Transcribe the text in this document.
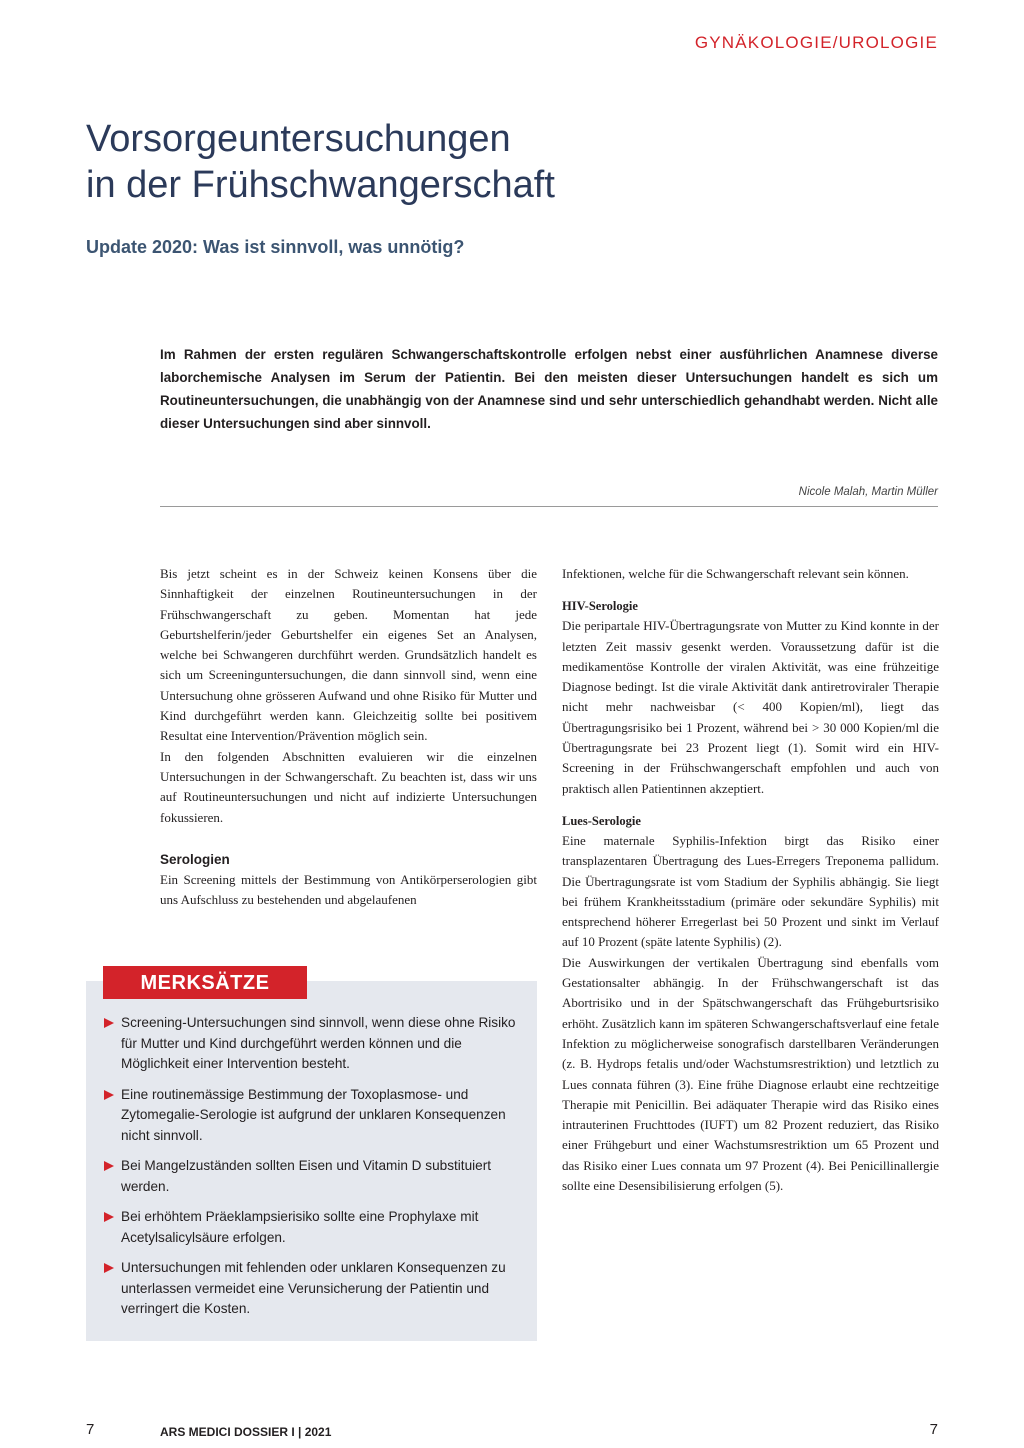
GYNÄKOLOGIE/UROLOGIE
Vorsorgeuntersuchungen
in der Frühschwangerschaft
Update 2020: Was ist sinnvoll, was unnötig?

Im Rahmen der ersten regulären Schwangerschaftskontrolle erfolgen nebst einer ausführlichen Anamnese diverse laborchemische Analysen im Serum der Patientin. Bei den meisten dieser Untersuchungen handelt es sich um Routineuntersuchungen, die unabhängig von der Anamnese sind und sehr unterschiedlich gehandhabt werden. Nicht alle dieser Untersuchungen sind aber sinnvoll.

Nicole Malah, Martin Müller

Bis jetzt scheint es in der Schweiz keinen Konsens über die Sinnhaftigkeit der einzelnen Routineuntersuchungen in der Frühschwangerschaft zu geben. Momentan hat jede Geburtshelferin/jeder Geburtshelfer ein eigenes Set an Analysen, welche bei Schwangeren durchführt werden. Grundsätzlich handelt es sich um Screeninguntersuchungen, die dann sinnvoll sind, wenn eine Untersuchung ohne grösseren Aufwand und ohne Risiko für Mutter und Kind durchgeführt werden kann. Gleichzeitig sollte bei positivem Resultat eine Intervention/Prävention möglich sein.

In den folgenden Abschnitten evaluieren wir die einzelnen Untersuchungen in der Schwangerschaft. Zu beachten ist, dass wir uns auf Routineuntersuchungen und nicht auf indizierte Untersuchungen fokussieren.

Serologien

Ein Screening mittels der Bestimmung von Antikörperserologien gibt uns Aufschluss zu bestehenden und abgelaufenen

Infektionen, welche für die Schwangerschaft relevant sein können.

HIV-Serologie

Die peripartale HIV-Übertragungsrate von Mutter zu Kind konnte in der letzten Zeit massiv gesenkt werden. Voraussetzung dafür ist die medikamentöse Kontrolle der viralen Aktivität, was eine frühzeitige Diagnose bedingt. Ist die virale Aktivität dank antiretroviraler Therapie nicht mehr nachweisbar (< 400 Kopien/ml), liegt das Übertragungsrisiko bei 1 Prozent, während bei > 30 000 Kopien/ml die Übertragungsrate bei 23 Prozent liegt (1). Somit wird ein HIV-Screening in der Frühschwangerschaft empfohlen und auch von praktisch allen Patientinnen akzeptiert.

Lues-Serologie

Eine maternale Syphilis-Infektion birgt das Risiko einer transplazentaren Übertragung des Lues-Erregers Treponema pallidum. Die Übertragungsrate ist vom Stadium der Syphilis abhängig. Sie liegt bei frühem Krankheitsstadium (primäre oder sekundäre Syphilis) mit entsprechend höherer Erregerlast bei 50 Prozent und sinkt im Verlauf auf 10 Prozent (späte latente Syphilis) (2).

Die Auswirkungen der vertikalen Übertragung sind ebenfalls vom Gestationsalter abhängig. In der Frühschwangerschaft ist das Abortrisiko und in der Spätschwangerschaft das Frühgeburtsrisiko erhöht. Zusätzlich kann im späteren Schwangerschaftsverlauf eine fetale Infektion zu möglicherweise sonografisch darstellbaren Veränderungen (z. B. Hydrops fetalis und/oder Wachstumsrestriktion) und letztlich zu Lues connata führen (3). Eine frühe Diagnose erlaubt eine rechtzeitige Therapie mit Penicillin. Bei adäquater Therapie wird das Risiko eines intrauterinen Fruchttodes (IUFT) um 82 Prozent reduziert, das Risiko einer Frühgeburt und einer Wachstumsrestriktion um 65 Prozent und das Risiko einer Lues connata um 97 Prozent (4). Bei Penicillinallergie sollte eine Desensibilisierung erfolgen (5).

Screening-Untersuchungen sind sinnvoll, wenn diese ohne Risiko für Mutter und Kind durchgeführt werden können und die Möglichkeit einer Intervention besteht.
Eine routinemässige Bestimmung der Toxoplasmose- und Zytomegalie-Serologie ist aufgrund der unklaren Konsequenzen nicht sinnvoll.
Bei Mangelzuständen sollten Eisen und Vitamin D substituiert werden.
Bei erhöhtem Präeklampsierisiko sollte eine Prophylaxe mit Acetylsalicylsäure erfolgen.
Untersuchungen mit fehlenden oder unklaren Konsequenzen zu unterlassen vermeidet eine Verunsicherung der Patientin und verringert die Kosten.
MERKSÄTZE
7	ARS MEDICI DOSSIER I | 2021	7
